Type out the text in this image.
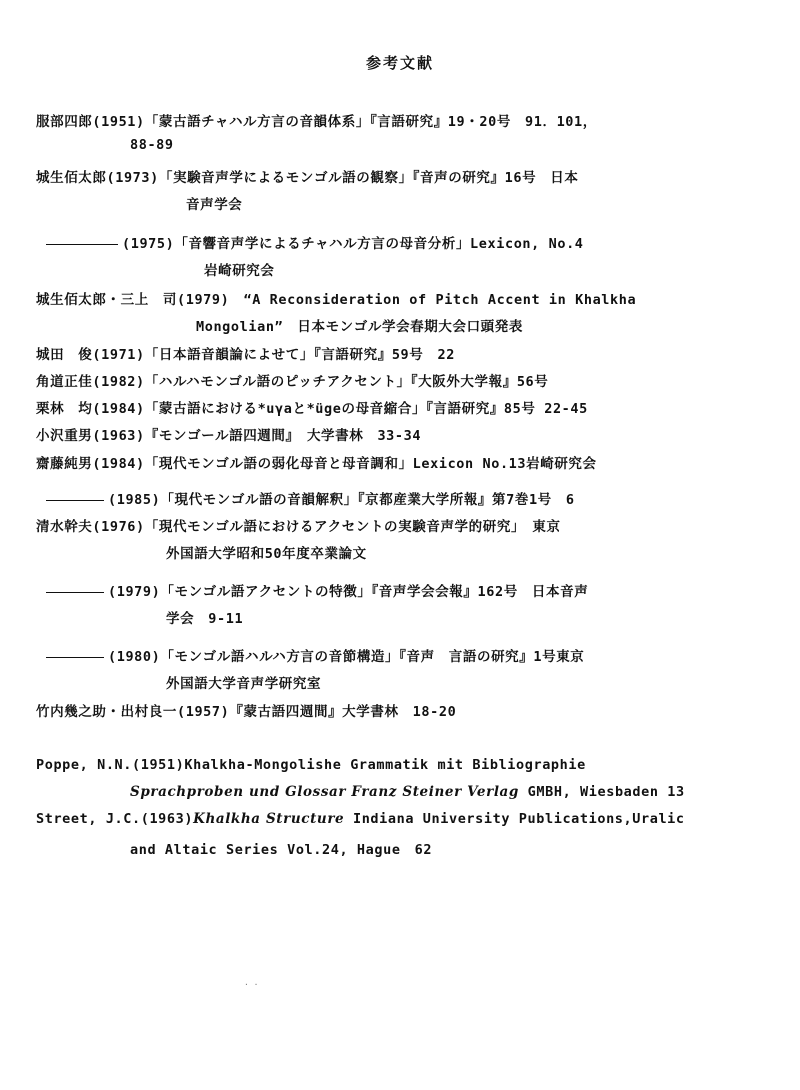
参考文献
服部四郎(1951)「蒙古語チャハル方言の音韻体系」『言語研究』19・20号　91．101，
88-89
城生佰太郎(1973)「実験音声学によるモンゴル語の観察」『音声の研究』16号　日本
音声学会
(1975)「音響音声学によるチャハル方言の母音分析」Lexicon, No.4
岩崎研究会
城生佰太郎・三上　司(1979)　“A Reconsideration of Pitch Accent in Khalkha
Mongolian”　日本モンゴル学会春期大会口頭発表
城田　俊(1971)「日本語音韻論によせて」『言語研究』59号　22
角道正佳(1982)「ハルハモンゴル語のピッチアクセント」『大阪外大学報』56号
栗林　均(1984)「蒙古語における*uγaと*ügeの母音縮合」『言語研究』85号 22-45
小沢重男(1963)『モンゴール語四週間』　大学書林　33-34
齋藤純男(1984)「現代モンゴル語の弱化母音と母音調和」Lexicon No.13岩崎研究会
(1985)「現代モンゴル語の音韻解釈」『京都産業大学所報』第7巻1号　6
清水幹夫(1976)「現代モンゴル語におけるアクセントの実験音声学的研究」　東京
外国語大学昭和50年度卒業論文
(1979)「モンゴル語アクセントの特徴」『音声学会会報』162号　日本音声
学会　9-11
(1980)「モンゴル語ハルハ方言の音節構造」『音声　言語の研究』1号東京
外国語大学音声学研究室
竹内幾之助・出村良一(1957)『蒙古語四週間』大学書林　18-20
Poppe, N.N.(1951)Khalkha-Mongolishe Grammatik mit Bibliographie
Sprachproben und Glossar Franz Steiner Verlag GMBH, Wiesbaden 13
Street, J.C.(1963)Khalkha Structure Indiana University Publications,Uralic
and Altaic Series Vol.24, Hague　62
· ·
